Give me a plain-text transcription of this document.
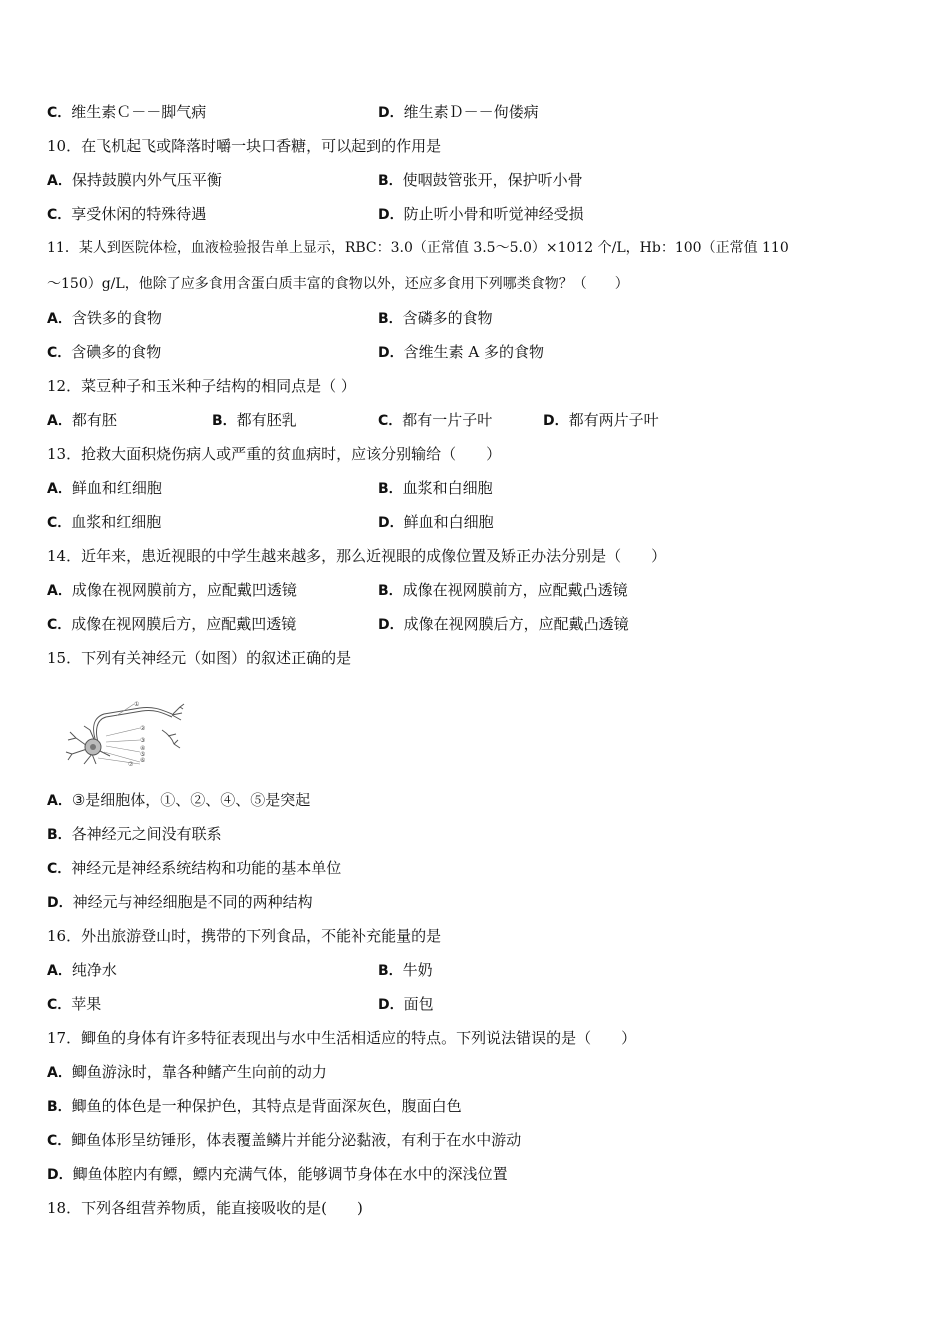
C．维生素Ｃ－－脚气病	D．维生素Ｄ－－佝偻病
10．在飞机起飞或降落时嚼一块口香糖，可以起到的作用是
A．保持鼓膜内外气压平衡	B．使咽鼓管张开，保护听小骨
C．享受休闲的特殊待遇	D．防止听小骨和听觉神经受损
11．某人到医院体检，血液检验报告单上显示，RBC：3.0（正常值 3.5～5.0）×1012 个/L，Hb：100（正常值 110
～150）g/L，他除了应多食用含蛋白质丰富的食物以外，还应多食用下列哪类食物？（　　）
A．含铁多的食物	B．含磷多的食物
C．含碘多的食物	D．含维生素 A 多的食物
12．菜豆种子和玉米种子结构的相同点是（ ）
A．都有胚	B．都有胚乳	C．都有一片子叶	D．都有两片子叶
13．抢救大面积烧伤病人或严重的贫血病时，应该分别输给（　　）
A．鲜血和红细胞	B．血浆和白细胞
C．血浆和红细胞	D．鲜血和白细胞
14．近年来，患近视眼的中学生越来越多，那么近视眼的成像位置及矫正办法分别是（　　）
A．成像在视网膜前方，应配戴凹透镜	B．成像在视网膜前方，应配戴凸透镜
C．成像在视网膜后方，应配戴凹透镜	D．成像在视网膜后方，应配戴凸透镜
15．下列有关神经元（如图）的叙述正确的是
①
②
③
④
⑤
⑥
⑦
A．③是细胞体，①、②、④、⑤是突起
B．各神经元之间没有联系
C．神经元是神经系统结构和功能的基本单位
D．神经元与神经细胞是不同的两种结构
16．外出旅游登山时，携带的下列食品，不能补充能量的是
A．纯净水	B．牛奶
C．苹果	D．面包
17．鲫鱼的身体有许多特征表现出与水中生活相适应的特点。下列说法错误的是（　　）
A．鲫鱼游泳时，靠各种鳍产生向前的动力
B．鲫鱼的体色是一种保护色，其特点是背面深灰色，腹面白色
C．鲫鱼体形呈纺锤形，体表覆盖鳞片并能分泌黏液，有利于在水中游动
D．鲫鱼体腔内有鳔，鳔内充满气体，能够调节身体在水中的深浅位置
18．下列各组营养物质，能直接吸收的是(　　)
